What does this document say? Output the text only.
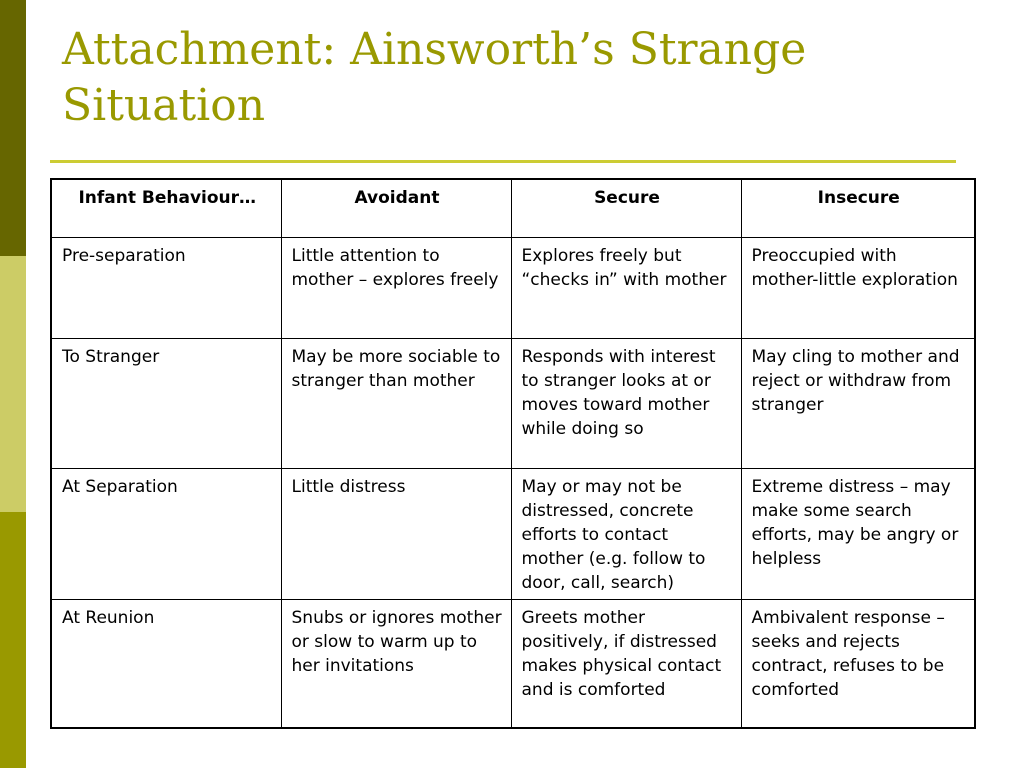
Attachment: Ainsworth’s Strange Situation
Infant Behaviour…	Avoidant	Secure	Insecure
Pre-separation	Little attention to mother – explores freely	Explores freely but “checks in” with mother	Preoccupied with mother-little exploration
To Stranger	May be more sociable to stranger than mother	Responds with interest to stranger looks at or moves toward mother while doing so	May cling to mother and reject or withdraw from stranger
At Separation	Little distress	May or may not be distressed, concrete efforts to contact mother (e.g. follow to door, call, search)	Extreme distress – may make some search efforts, may be angry or helpless
At Reunion	Snubs or ignores mother or slow to warm up to her invitations	Greets mother positively, if distressed makes physical contact and is comforted	Ambivalent response – seeks and rejects contract, refuses to be comforted
